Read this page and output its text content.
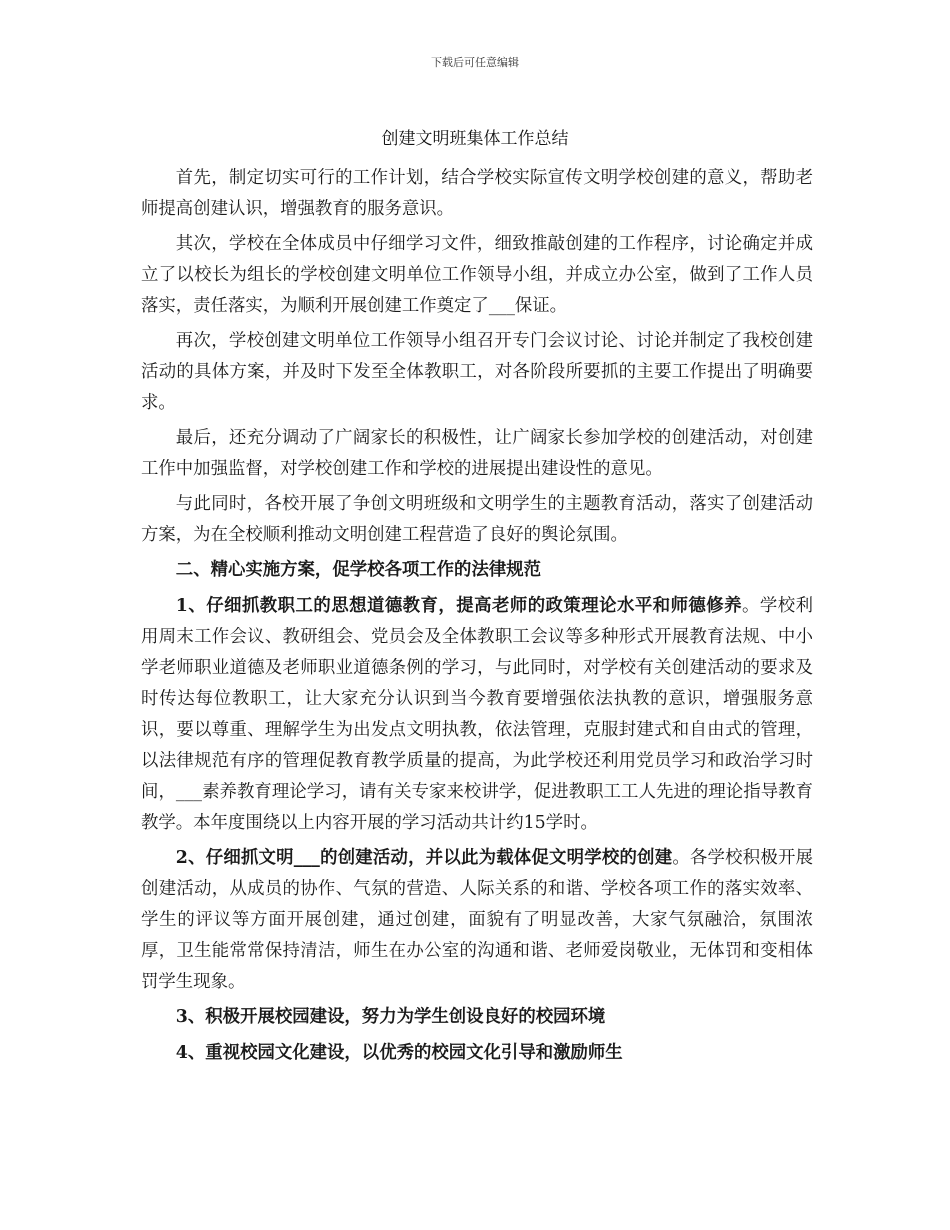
下载后可任意编辑
创建文明班集体工作总结

首先，制定切实可行的工作计划，结合学校实际宣传文明学校创建的意义，帮助老师提高创建认识，增强教育的服务意识。

其次，学校在全体成员中仔细学习文件，细致推敲创建的工作程序，讨论确定并成立了以校长为组长的学校创建文明单位工作领导小组，并成立办公室，做到了工作人员落实，责任落实，为顺利开展创建工作奠定了___保证。

再次，学校创建文明单位工作领导小组召开专门会议讨论、讨论并制定了我校创建活动的具体方案，并及时下发至全体教职工，对各阶段所要抓的主要工作提出了明确要求。

最后，还充分调动了广阔家长的积极性，让广阔家长参加学校的创建活动，对创建工作中加强监督，对学校创建工作和学校的进展提出建设性的意见。

与此同时，各校开展了争创文明班级和文明学生的主题教育活动，落实了创建活动方案，为在全校顺利推动文明创建工程营造了良好的舆论氛围。

二、精心实施方案，促学校各项工作的法律规范

1、仔细抓教职工的思想道德教育，提高老师的政策理论水平和师德修养。学校利用周末工作会议、教研组会、党员会及全体教职工会议等多种形式开展教育法规、中小学老师职业道德及老师职业道德条例的学习，与此同时，对学校有关创建活动的要求及时传达每位教职工，让大家充分认识到当今教育要增强依法执教的意识，增强服务意识，要以尊重、理解学生为出发点文明执教，依法管理，克服封建式和自由式的管理，以法律规范有序的管理促教育教学质量的提高，为此学校还利用党员学习和政治学习时间，___素养教育理论学习，请有关专家来校讲学，促进教职工工人先进的理论指导教育教学。本年度围绕以上内容开展的学习活动共计约15学时。

2、仔细抓文明___的创建活动，并以此为载体促文明学校的创建。各学校积极开展创建活动，从成员的协作、气氛的营造、人际关系的和谐、学校各项工作的落实效率、学生的评议等方面开展创建，通过创建，面貌有了明显改善，大家气氛融洽，氛围浓厚，卫生能常常保持清洁，师生在办公室的沟通和谐、老师爱岗敬业，无体罚和变相体罚学生现象。

3、积极开展校园建设，努力为学生创设良好的校园环境

4、重视校园文化建设，以优秀的校园文化引导和激励师生
